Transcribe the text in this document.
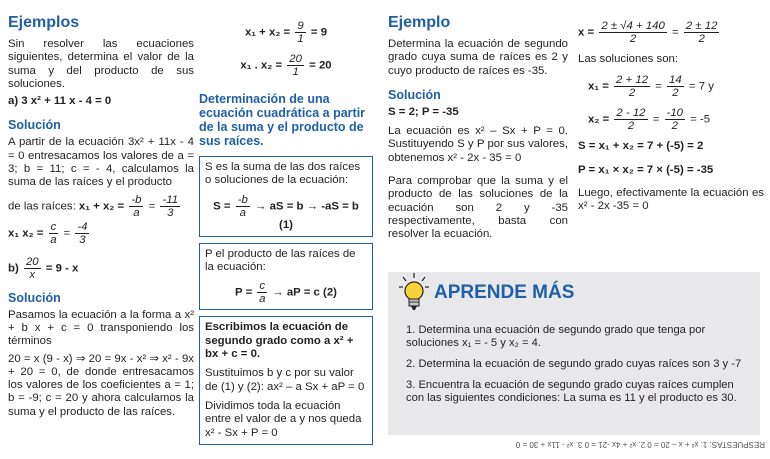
Ejemplos

Sin resolver las ecuaciones siguientes, determina el valor de la suma y del producto de sus soluciones.

a) 3 x² + 11 x - 4 = 0

Solución

A partir de la ecuación 3x² + 11x - 4 = 0 entresacamos los valores de a = 3; b = 11; c = - 4, calculamos la suma de las raíces y el producto

de las raíces: $x_1 + x_2 = \frac{-b}{a} = \frac{-11}{3}$
x₁ $x_2 = \frac{c}{a} = \frac{-4}{3}$
$b) \frac{20}{x} = 9 - x$
Solución

Pasamos la ecuación a la forma a x² + b x + c = 0 transponiendo los términos

20 = x (9 - x) ⇒ 20 = 9x - x² ⇒ x² - 9x + 20 = 0, de donde entresacamos los valores de los coeficientes a = 1; b = -9; c = 20 y ahora calculamos la suma y el producto de las raíces.

$x_1 + x_2 = \frac{9}{1} = 9$
x₁ . $x_2 = \frac{20}{1} = 20$
Determinación de una ecuación cuadrática a partir de la suma y el producto de sus raíces.
S es la suma de las dos raíces o soluciones de la ecuación:
$S = \frac{-b}{a}$ → aS = b → -aS = b (1)
P el producto de las raíces de la ecuación:
$P = \frac{c}{a}$ → aP = c (2)

Escribimos la ecuación de segundo grado como a x² + bx + c = 0.

Sustituimos b y c por su valor de (1) y (2): ax² – a Sx + aP = 0

Dividimos toda la ecuación entre el valor de a y nos queda x² - Sx + P = 0

Ejemplo

Determina la ecuación de segundo grado cuya suma de raíces es 2 y cuyo producto de raíces es -35.

Solución

S = 2; P = -35

La ecuación es x² – Sx + P = 0. Sustituyendo S y P por sus valores, obtenemos x² - 2x - 35 = 0

Para comprobar que la suma y el producto de las soluciones de la ecuación son 2 y -35 respectivamente, basta con resolver la ecuación.

$x = \frac{2 \pm √4 + 140}{2} = \frac{2 \pm 12}{2}$

Las soluciones son:

$x_1 = \frac{2 + 12}{2} = \frac{14}{2} = 7$ y
$x_2 = \frac{2 - 12}{2} = \frac{-10}{2} = -5$

S = x₁ + x₂ = 7 + (-5) = 2

P = x₁ × x₂ = 7 × (-5) = -35

Luego, efectivamente la ecuación es x² - 2x -35 = 0

APRENDE MÁS

1. Determina una ecuación de segundo grado que tenga por soluciones x₁ = - 5 y x₂ = 4.

2. Determina la ecuación de segundo grado cuyas raíces son 3 y -7

3. Encuentra la ecuación de segundo grado cuyas raíces cumplen con las siguientes condiciones: La suma es 11 y el producto es 30.

RESPUESTAS: 1. x² + x – 20 = 0 2. x² + 4x -21 = 0 3. x² - 11x + 30 = 0
